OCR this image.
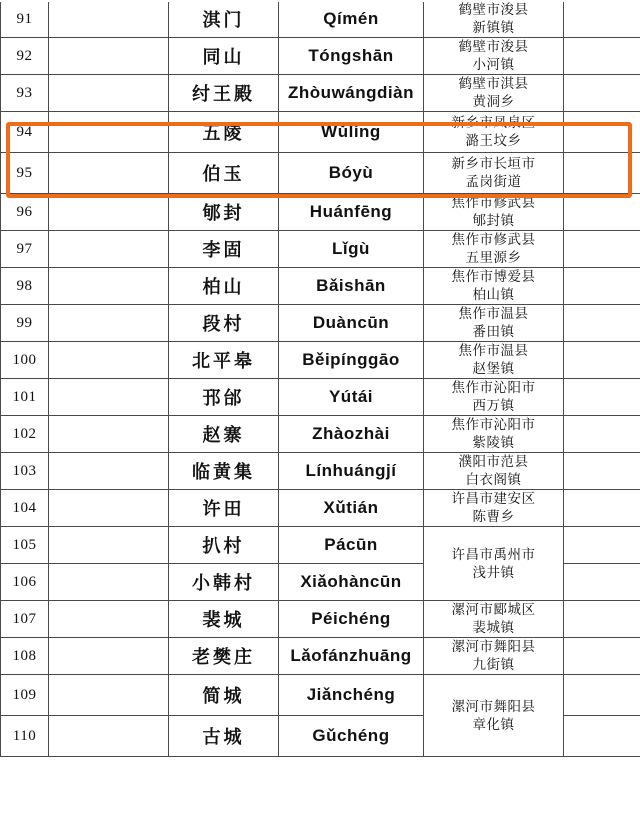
91		淇门	Qímén	鹤壁市浚县
新镇镇	

92		同山	Tóngshān	鹤壁市浚县
小河镇	

93		纣王殿	Zhòuwángdiàn	鹤壁市淇县
黄洞乡	

94		五陵	Wǔlíng	新乡市凤泉区
潞王坟乡	

95		伯玉	Bóyù	新乡市长垣市
孟岗街道	

96		郇封	Huánfēng	焦作市修武县
郇封镇	

97		李固	Lǐgù	焦作市修武县
五里源乡	

98		柏山	Bǎishān	焦作市博爱县
柏山镇	

99		段村	Duàncūn	焦作市温县
番田镇	

100		北平皋	Běipínggāo	焦作市温县
赵堡镇	

101		邘邰	Yútái	焦作市沁阳市
西万镇	

102		赵寨	Zhàozhài	焦作市沁阳市
紫陵镇	

103		临黄集	Línhuángjí	濮阳市范县
白衣阁镇	

104		许田	Xǔtián	许昌市建安区
陈曹乡	

105		扒村	Pácūn	许昌市禹州市
浅井镇	

106		小韩村	Xiǎohàncūn		
107		裴城	Péichéng	漯河市郾城区
裴城镇	

108		老樊庄	Lǎofánzhuāng	漯河市舞阳县
九街镇	

109		简城	Jiǎnchéng	漯河市舞阳县
章化镇	

110		古城	Gǔchéng		
